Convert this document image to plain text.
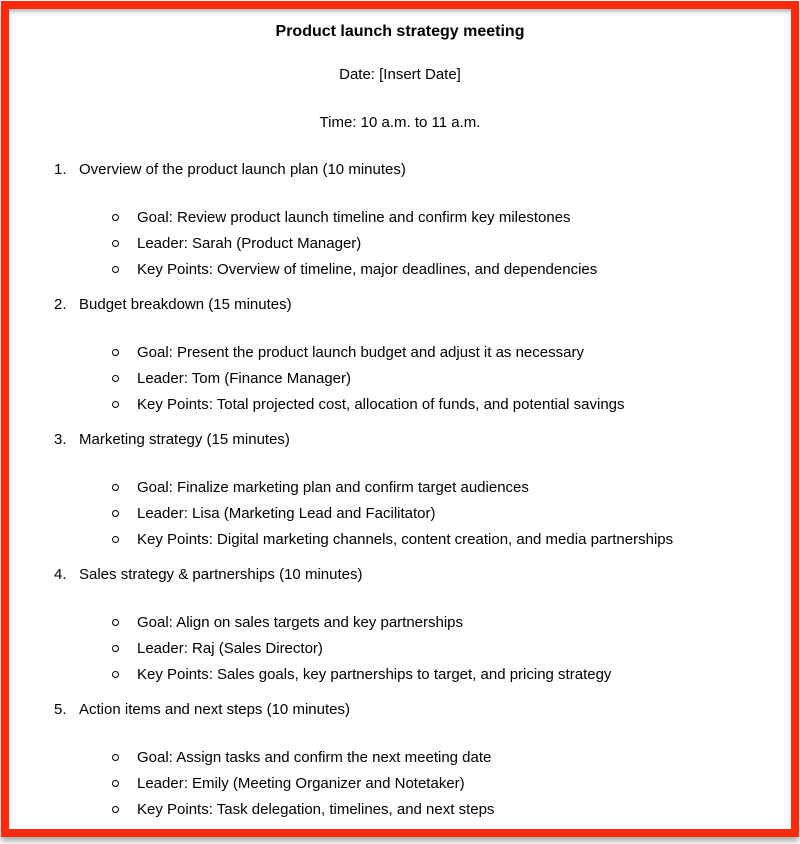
Product launch strategy meeting

Date: [Insert Date]

Time: 10 a.m. to 11 a.m.

1. Overview of the product launch plan (10 minutes)
Goal: Review product launch timeline and confirm key milestones
Leader: Sarah (Product Manager)
Key Points: Overview of timeline, major deadlines, and dependencies
2. Budget breakdown (15 minutes)
Goal: Present the product launch budget and adjust it as necessary
Leader: Tom (Finance Manager)
Key Points: Total projected cost, allocation of funds, and potential savings
3. Marketing strategy (15 minutes)
Goal: Finalize marketing plan and confirm target audiences
Leader: Lisa (Marketing Lead and Facilitator)
Key Points: Digital marketing channels, content creation, and media partnerships
4. Sales strategy & partnerships (10 minutes)
Goal: Align on sales targets and key partnerships
Leader: Raj (Sales Director)
Key Points: Sales goals, key partnerships to target, and pricing strategy
5. Action items and next steps (10 minutes)
Goal: Assign tasks and confirm the next meeting date
Leader: Emily (Meeting Organizer and Notetaker)
Key Points: Task delegation, timelines, and next steps
